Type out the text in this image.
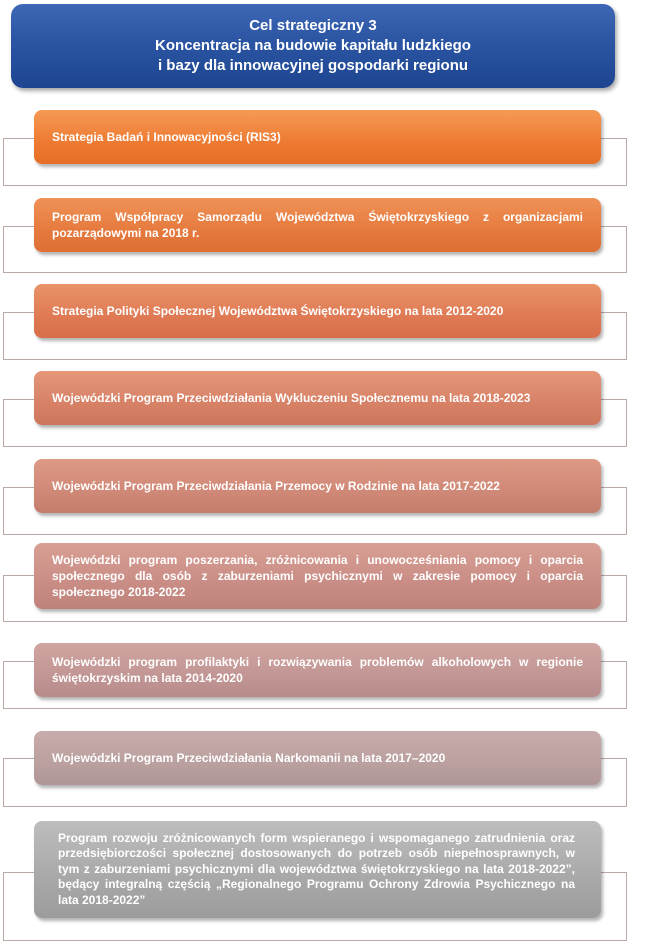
Cel strategiczny 3
Koncentracja na budowie kapitału ludzkiego
i bazy dla innowacyjnej gospodarki regionu
Strategia Badań i Innowacyjności (RIS3)
Program Współpracy Samorządu Województwa Świętokrzyskiego z organizacjami pozarządowymi na 2018 r.
Strategia Polityki Społecznej Województwa Świętokrzyskiego na lata 2012-2020
Wojewódzki Program Przeciwdziałania Wykluczeniu Społecznemu na lata 2018-2023
Wojewódzki Program Przeciwdziałania Przemocy w Rodzinie na lata 2017-2022
Wojewódzki program poszerzania, zróżnicowania i unowocześniania pomocy i oparcia społecznego dla osób z zaburzeniami psychicznymi w zakresie pomocy i oparcia społecznego 2018-2022
Wojewódzki program profilaktyki i rozwiązywania problemów alkoholowych w regionie świętokrzyskim na lata 2014-2020
Wojewódzki Program Przeciwdziałania Narkomanii na lata 2017–2020
Program rozwoju zróżnicowanych form wspieranego i wspomaganego zatrudnienia oraz przedsiębiorczości społecznej dostosowanych do potrzeb osób niepełnosprawnych, w tym z zaburzeniami psychicznymi dla województwa świętokrzyskiego na lata 2018-2022”, będący integralną częścią „Regionalnego Programu Ochrony Zdrowia Psychicznego na lata 2018-2022”
